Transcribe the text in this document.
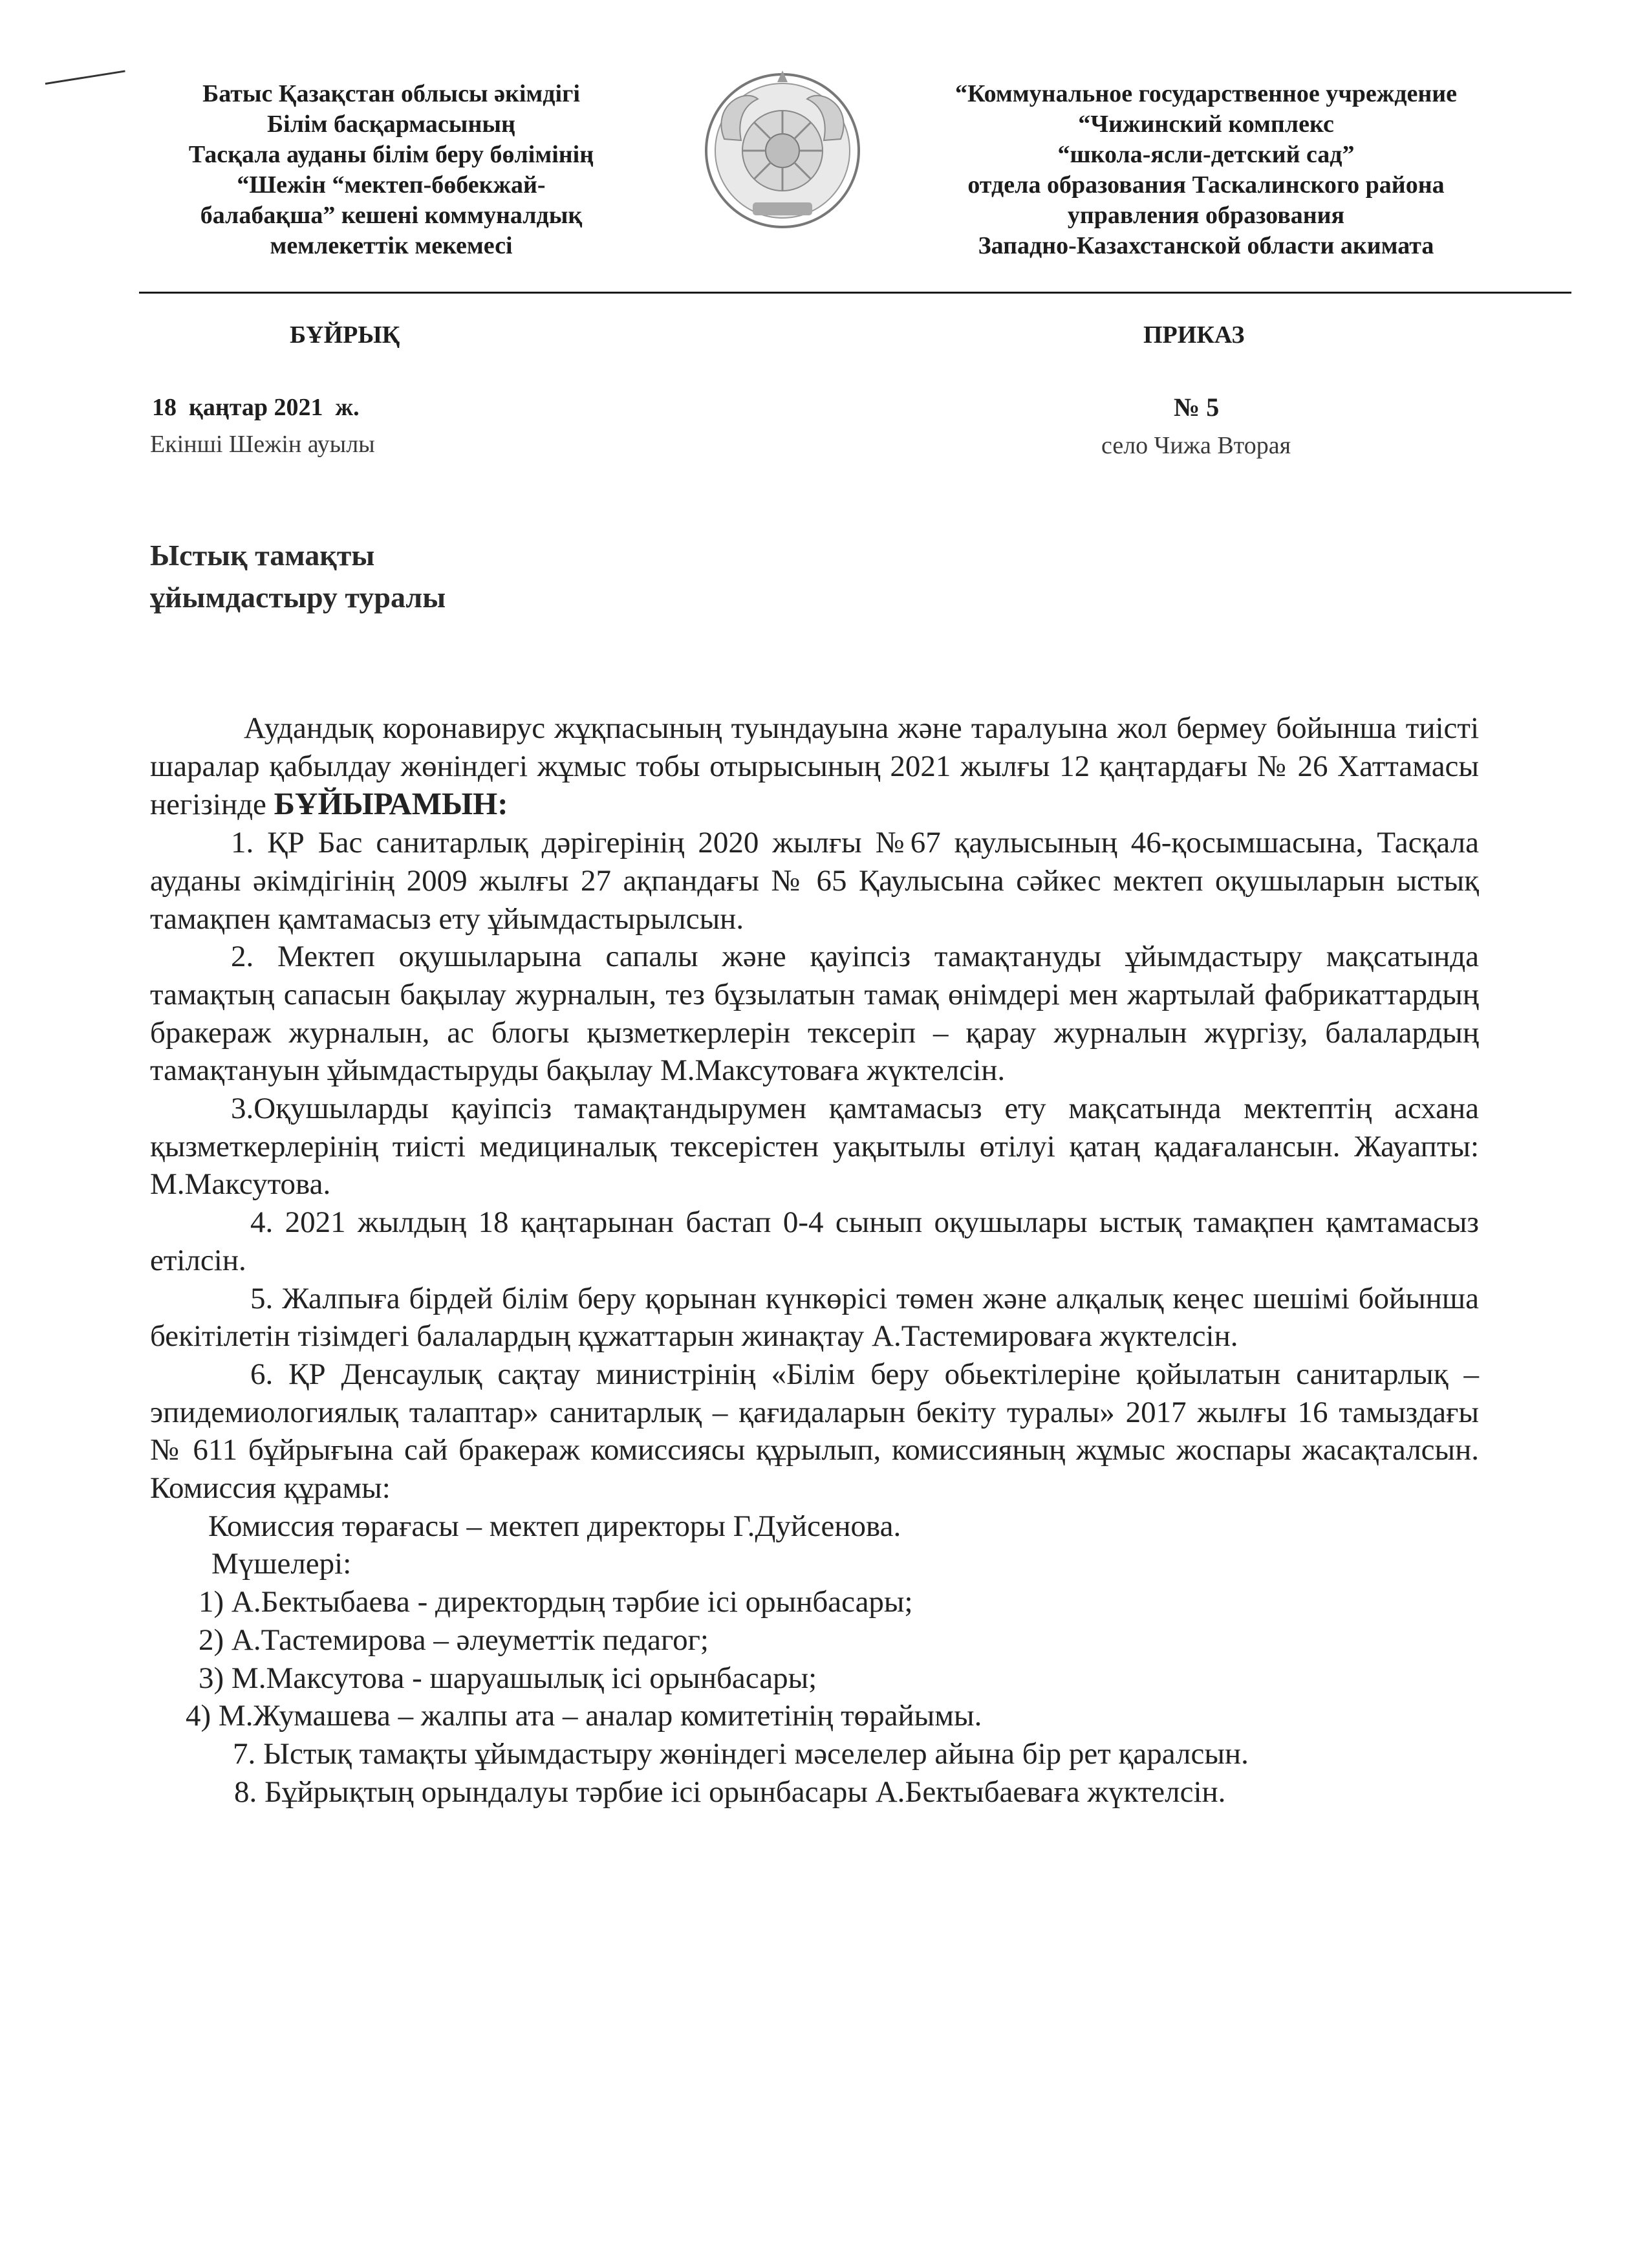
Батыс Қазақстан облысы әкімдігі
Білім басқармасының
Тасқала ауданы білім беру бөлімінің
“Шежін “мектеп-бөбекжай-
балабақша” кешені коммуналдық
мемлекеттік мекемесі
“Коммунальное государственное учреждение
“Чижинский комплекс
“школа-ясли-детский сад”
отдела образования Таскалинского района
управления образования
Западно-Казахстанской области акимата
БҰЙРЫҚ	ПРИКАЗ
18  қаңтар 2021  ж.	№ 5
Екінші Шежін ауылы	село Чижа Вторая
Ыстық тамақты
ұйымдастыру туралы

Аудандық коронавирус жұқпасының туындауына және таралуына жол бермеу бойынша тиісті шаралар қабылдау жөніндегі жұмыс тобы отырысының 2021 жылғы 12 қаңтардағы № 26 Хаттамасы негізінде БҰЙЫРАМЫН:

1. ҚР Бас санитарлық дәрігерінің 2020 жылғы №67 қаулысының 46-қосымшасына, Тасқала ауданы әкімдігінің 2009 жылғы 27 ақпандағы № 65 Қаулысына сәйкес мектеп оқушыларын ыстық тамақпен қамтамасыз ету ұйымдастырылсын.

2. Мектеп оқушыларына сапалы және қауіпсіз тамақтануды ұйымдастыру мақсатында тамақтың сапасын бақылау журналын, тез бұзылатын тамақ өнімдері мен жартылай фабрикаттардың бракераж журналын, ас блогы қызметкерлерін тексеріп – қарау журналын жүргізу, балалардың тамақтануын ұйымдастыруды бақылау М.Максутоваға жүктелсін.

3.Оқушыларды қауіпсіз тамақтандырумен қамтамасыз ету мақсатында мектептің асхана қызметкерлерінің тиісті медициналық тексерістен уақытылы өтілуі қатаң қадағалансын. Жауапты: М.Максутова.

4. 2021 жылдың 18 қаңтарынан бастап 0-4 сынып оқушылары ыстық тамақпен қамтамасыз етілсін.

5. Жалпыға бірдей білім беру қорынан күнкөрісі төмен және алқалық кеңес шешімі бойынша бекітілетін тізімдегі балалардың құжаттарын жинақтау А.Тастемироваға жүктелсін.

6. ҚР Денсаулық сақтау министрінің «Білім беру обьектілеріне қойылатын санитарлық – эпидемиологиялық талаптар» санитарлық – қағидаларын бекіту туралы» 2017 жылғы 16 тамыздағы № 611 бұйрығына сай бракераж комиссиясы құрылып, комиссияның жұмыс жоспары жасақталсын. Комиссия құрамы:

Комиссия төрағасы – мектеп директоры Г.Дуйсенова.

Мүшелері:

1) А.Бектыбаева - директордың тәрбие ісі орынбасары;

2) А.Тастемирова – әлеуметтік педагог;

3) М.Максутова - шаруашылық ісі орынбасары;

4) М.Жумашева – жалпы ата – аналар комитетінің төрайымы.

7. Ыстық тамақты ұйымдастыру жөніндегі мәселелер айына бір рет қаралсын.

8. Бұйрықтың орындалуы тәрбие ісі орынбасары А.Бектыбаеваға жүктелсін.
